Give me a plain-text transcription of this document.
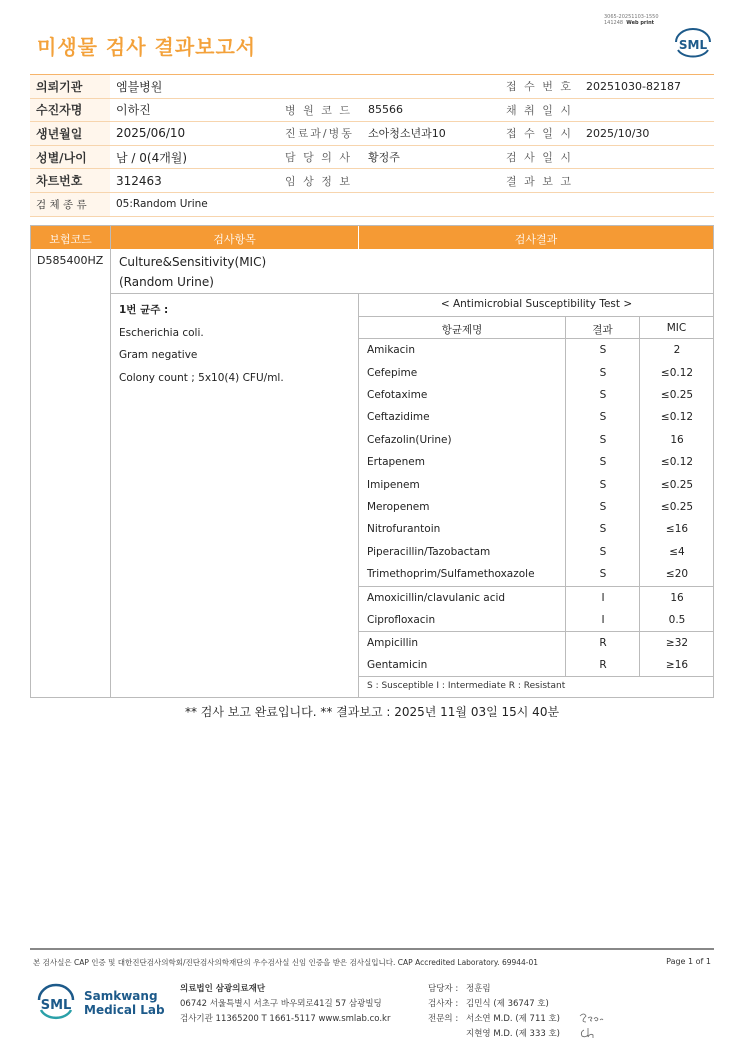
3065-20251103-1550
141248 Web print
미생물 검사 결과보고서	SML
의뢰기관	엠블병원	접 수 번 호	20251030-82187
수진자명	이하진	병 원 코 드	85566	채 취 일 시
생년월일	2025/06/10	진료과/병동	소아청소년과10	접 수 일 시	2025/10/30
성별/나이	남 / 0(4개월)	담 당 의 사	황정주	검 사 일 시
차트번호	312463	임 상 정 보	결 과 보 고
검 체 종 류	05:Random Urine
보험코드	검사항목	검사결과
D585400HZ Culture&Sensitivity(MIC)
(Random Urine)
1번 균주 :
Escherichia coli.
Gram negative
Colony count ; 5x10(4) CFU/ml.
< Antimicrobial Susceptibility Test >
항균제명	결과	MIC
Amikacin	S	2
Cefepime	S	≤0.12
Cefotaxime	S	≤0.25
Ceftazidime	S	≤0.12
Cefazolin(Urine)	S	16
Ertapenem	S	≤0.12
Imipenem	S	≤0.25
Meropenem	S	≤0.25
Nitrofurantoin	S	≤16
Piperacillin/Tazobactam	S	≤4
Trimethoprim/Sulfamethoxazole	S	≤20
Amoxicillin/clavulanic acid	I	16
Ciprofloxacin	I	0.5
Ampicillin	R	≥32
Gentamicin	R	≥16
S : Susceptible I : Intermediate R : Resistant
** 검사 보고 완료입니다. ** 결과보고 : 2025년 11월 03일 15시 40분
본 검사실은 CAP 인증 및 대한진단검사의학회/진단검사의학재단의 우수검사실 신임 인증을 받은 검사실입니다. CAP Accredited Laboratory. 69944-01	Page 1 of 1
SML
Samkwang
Medical Lab
의료법인 삼광의료재단
06742 서울특별시 서초구 바우뫼로41길 57 삼광빌딩
검사기관 11365200 T 1661-5117 www.smlab.co.kr
담당자 : 정훈림
검사자 : 김민식 (제 36747 호)
전문의 : 서소연 M.D. (제 711 호)
지현영 M.D. (제 333 호)
